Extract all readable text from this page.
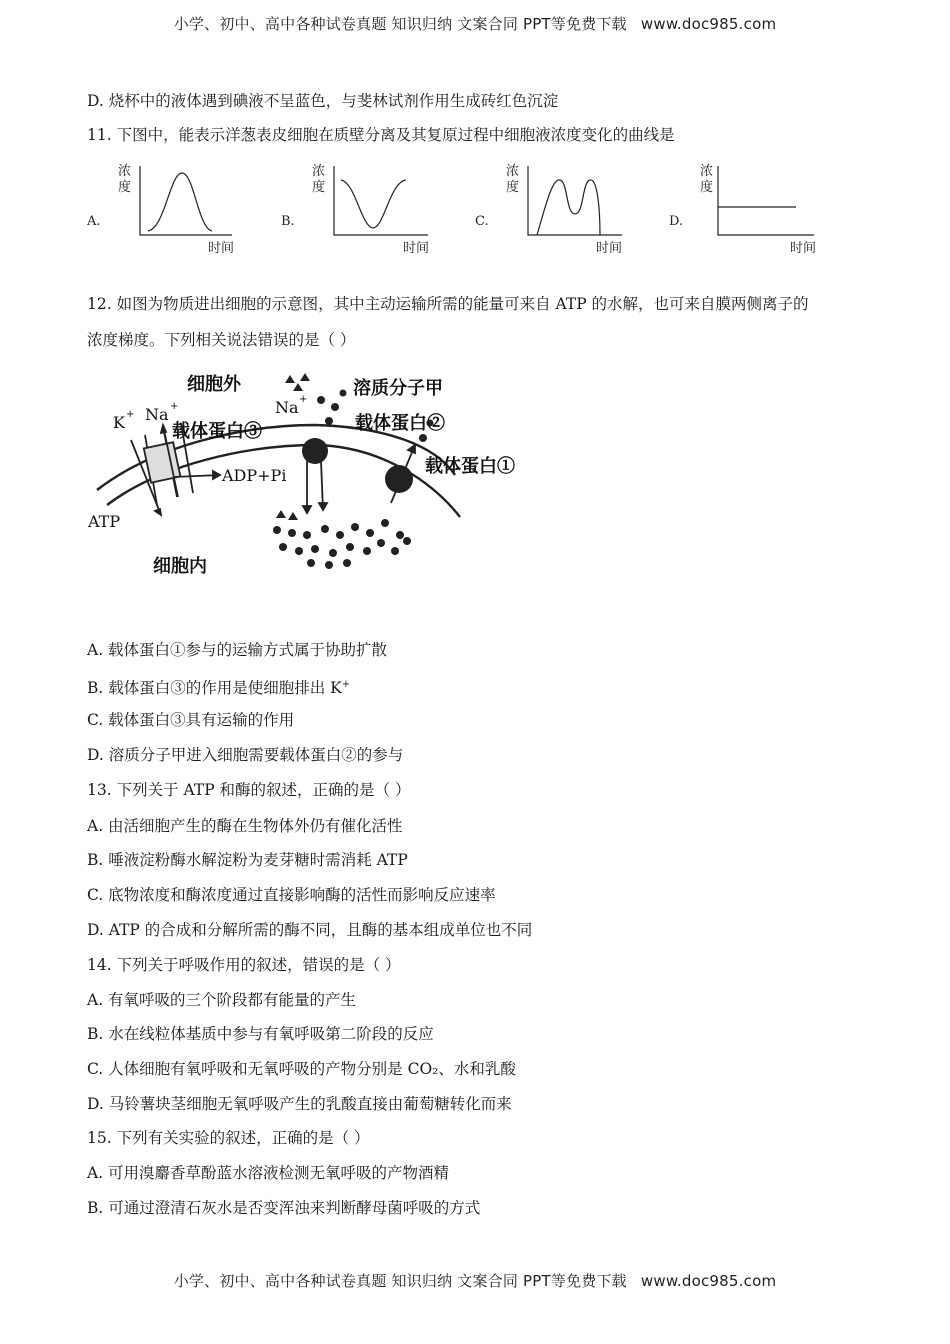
小学、初中、高中各种试卷真题 知识归纳 文案合同 PPT等免费下载 www.doc985.com
D. 烧杯中的液体遇到碘液不呈蓝色，与斐林试剂作用生成砖红色沉淀
11. 下图中，能表示洋葱表皮细胞在质壁分离及其复原过程中细胞液浓度变化的曲线是
A.
浓
度
时间
B.
浓
度
时间
C.
浓
度
时间
D.
浓
度
时间
12. 如图为物质进出细胞的示意图，其中主动运输所需的能量可来自 ATP 的水解，也可来自膜两侧离子的
浓度梯度。下列相关说法错误的是（ ）
细胞外	溶质分子甲
载体蛋白③	载体蛋白②
载体蛋白①
细胞内
K + Na +	Na +
ADP+Pi
ATP
A. 载体蛋白①参与的运输方式属于协助扩散
B. 载体蛋白③的作用是使细胞排出 K+
C. 载体蛋白③具有运输的作用
D. 溶质分子甲进入细胞需要载体蛋白②的参与
13. 下列关于 ATP 和酶的叙述，正确的是（ ）
A. 由活细胞产生的酶在生物体外仍有催化活性
B. 唾液淀粉酶水解淀粉为麦芽糖时需消耗 ATP
C. 底物浓度和酶浓度通过直接影响酶的活性而影响反应速率
D. ATP 的合成和分解所需的酶不同，且酶的基本组成单位也不同
14. 下列关于呼吸作用的叙述，错误的是（ ）
A. 有氧呼吸的三个阶段都有能量的产生
B. 水在线粒体基质中参与有氧呼吸第二阶段的反应
C. 人体细胞有氧呼吸和无氧呼吸的产物分别是 CO₂、水和乳酸
D. 马铃薯块茎细胞无氧呼吸产生的乳酸直接由葡萄糖转化而来
15. 下列有关实验的叙述，正确的是（ ）
A. 可用溴麝香草酚蓝水溶液检测无氧呼吸的产物酒精
B. 可通过澄清石灰水是否变浑浊来判断酵母菌呼吸的方式
小学、初中、高中各种试卷真题 知识归纳 文案合同 PPT等免费下载 www.doc985.com
